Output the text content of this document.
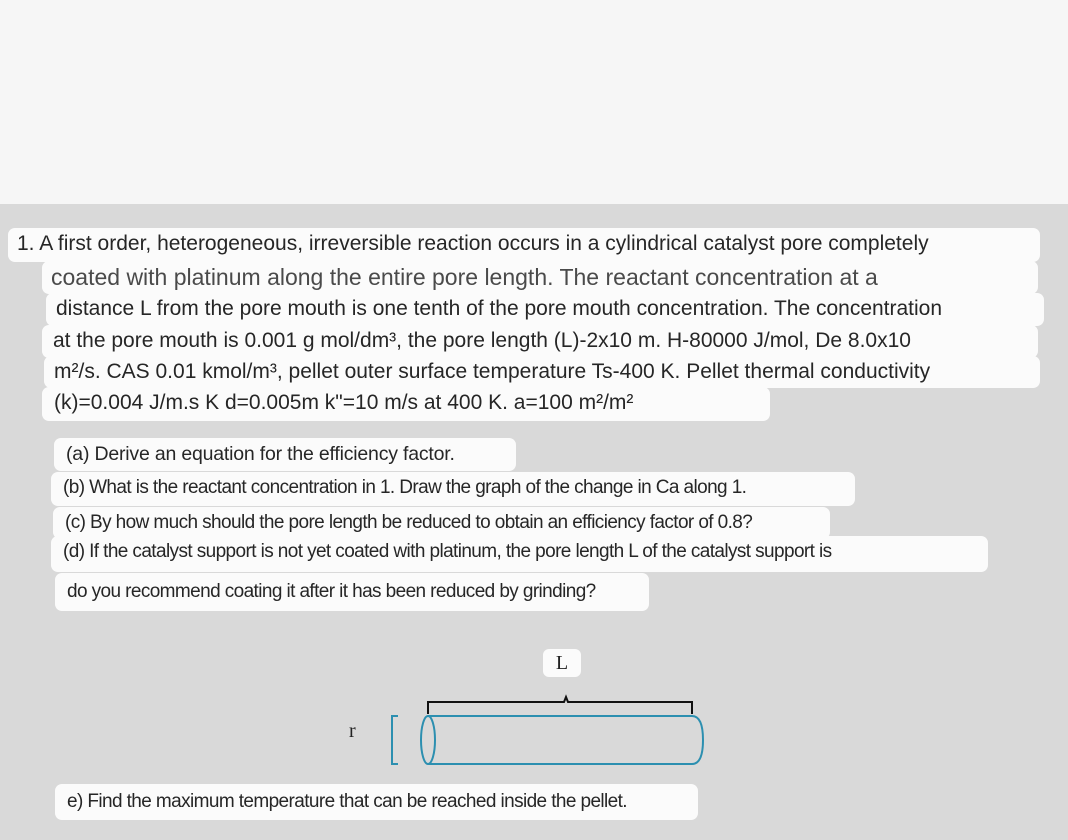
1. A first order, heterogeneous, irreversible reaction occurs in a cylindrical catalyst pore completely
coated with platinum along the entire pore length. The reactant concentration at a
distance L from the pore mouth is one tenth of the pore mouth concentration. The concentration
at the pore mouth is 0.001 g mol/dm³, the pore length (L)-2x10 m. H-80000 J/mol, De 8.0x10
m²/s. CAS 0.01 kmol/m³, pellet outer surface temperature Ts-400 K. Pellet thermal conductivity
(k)=0.004 J/m.s K d=0.005m k"=10 m/s at 400 K. a=100 m²/m²
(a) Derive an equation for the efficiency factor.
(b) What is the reactant concentration in 1. Draw the graph of the change in Ca along 1.
(c) By how much should the pore length be reduced to obtain an efficiency factor of 0.8?
(d) If the catalyst support is not yet coated with platinum, the pore length L of the catalyst support is
do you recommend coating it after it has been reduced by grinding?
L
r
e) Find the maximum temperature that can be reached inside the pellet.
